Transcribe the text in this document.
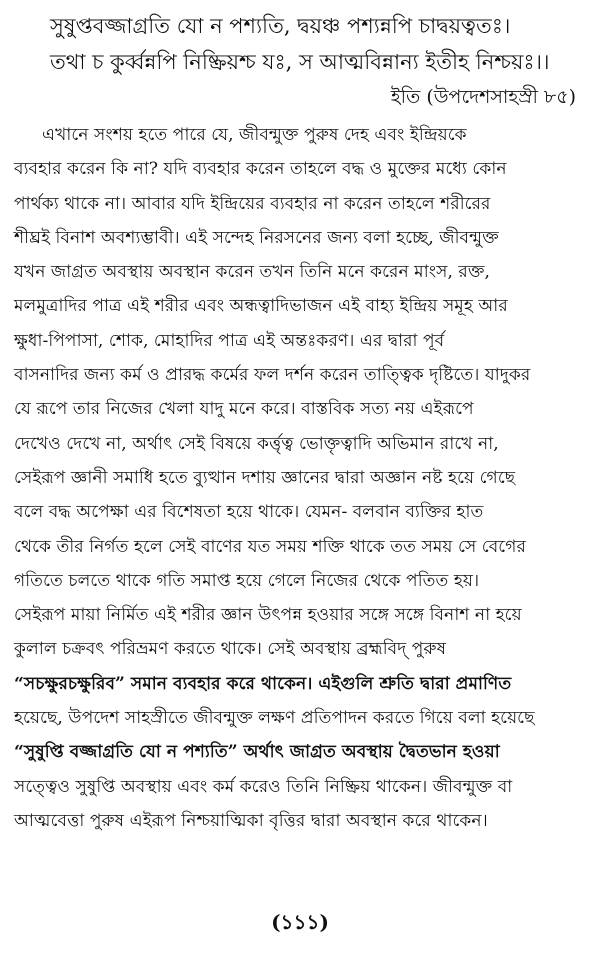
সুষুপ্তবজ্জাগ্রতি যো ন পশ্যতি, দ্বয়ঞ্চ পশ্যন্নপি চাদ্বয়ত্বতঃ।
তথা চ কুর্ব্বন্নপি নিষ্ক্রিয়শ্চ যঃ, স আত্মবিন্নান্য ইতীহ নিশ্চয়ঃ।।
ইতি (উপদেশসাহস্রী ৮৫)
এখানে সংশয় হতে পারে যে, জীবন্মুক্ত পুরুষ দেহ এবং ইন্দ্রিয়কে
ব্যবহার করেন কি না? যদি ব্যবহার করেন তাহলে বদ্ধ ও মুক্তের মধ্যে কোন
পার্থক্য থাকে না। আবার যদি ইন্দ্রিয়ের ব্যবহার না করেন তাহলে শরীরের
শীঘ্রই বিনাশ অবশ্যম্ভাবী। এই সন্দেহ নিরসনের জন্য বলা হচ্ছে, জীবন্মুক্ত
যখন জাগ্রত অবস্থায় অবস্থান করেন তখন তিনি মনে করেন মাংস, রক্ত,
মলমুত্রাদির পাত্র এই শরীর এবং অন্ধত্বাদিভাজন এই বাহ্য ইন্দ্রিয় সমূহ আর
ক্ষুধা-পিপাসা, শোক, মোহাদির পাত্র এই অন্তঃকরণ। এর দ্বারা পূর্ব
বাসনাদির জন্য কর্ম ও প্রারদ্ধ কর্মের ফল দর্শন করেন তাত্ত্বিক দৃষ্টিতে। যাদুকর
যে রূপে তার নিজের খেলা যাদু মনে করে। বাস্তবিক সত্য নয় এইরূপে
দেখেও দেখে না, অর্থাৎ সেই বিষয়ে কর্ত্তৃত্ব ভোক্তৃত্বাদি অভিমান রাখে না,
সেইরূপ জ্ঞানী সমাধি হতে ব্যুত্থান দশায় জ্ঞানের দ্বারা অজ্ঞান নষ্ট হয়ে গেছে
বলে বদ্ধ অপেক্ষা এর বিশেষতা হয়ে থাকে। যেমন- বলবান ব্যক্তির হাত
থেকে তীর নির্গত হলে সেই বাণের যত সময় শক্তি থাকে তত সময় সে বেগের
গতিতে চলতে থাকে গতি সমাপ্ত হয়ে গেলে নিজের থেকে পতিত হয়।
সেইরূপ মায়া নির্মিত এই শরীর জ্ঞান উৎপন্ন হওয়ার সঙ্গে সঙ্গে বিনাশ না হয়ে
কুলাল চক্রবৎ পরিভ্রমণ করতে থাকে। সেই অবস্থায় ব্রহ্মবিদ্ পুরুষ
“সচক্ষুরচক্ষুরিব” সমান ব্যবহার করে থাকেন। এইগুলি শ্রুতি দ্বারা প্রমাণিত
হয়েছে, উপদেশ সাহস্রীতে জীবন্মুক্ত লক্ষণ প্রতিপাদন করতে গিয়ে বলা হয়েছে
“সুষুপ্তি বজ্জাগ্রতি যো ন পশ্যতি” অর্থাৎ জাগ্রত অবস্থায় দ্বৈতভান হওয়া
সত্ত্বেও সুষুপ্তি অবস্থায় এবং কর্ম করেও তিনি নিষ্ক্রিয় থাকেন। জীবন্মুক্ত বা
আত্মবেত্তা পুরুষ এইরূপ নিশ্চয়াত্মিকা বৃত্তির দ্বারা অবস্থান করে থাকেন।
(১১১)
